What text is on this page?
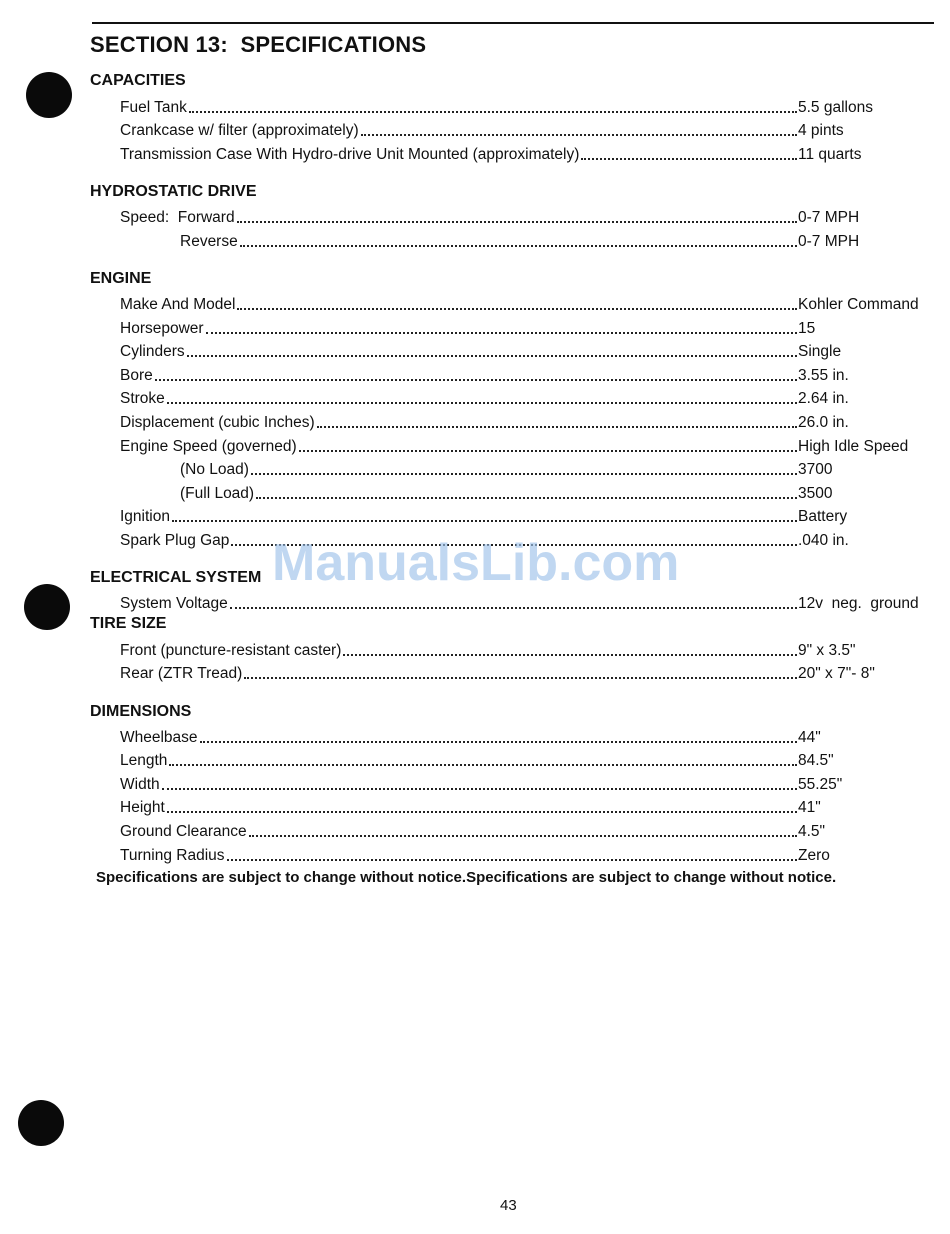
SECTION 13:  SPECIFICATIONS
CAPACITIES
Fuel Tank	5.5 gallons
Crankcase w/ filter (approximately)	4 pints
Transmission Case With Hydro-drive Unit Mounted (approximately)	11 quarts
HYDROSTATIC DRIVE
Speed:  Forward	0-7 MPH
Reverse	0-7 MPH
ENGINE
Make And Model	Kohler Command
Horsepower	15
Cylinders	Single
Bore	3.55 in.
Stroke	2.64 in.
Displacement (cubic Inches)	26.0 in.
Engine Speed (governed)	High Idle Speed
(No Load)	3700
(Full Load)	3500
Ignition	Battery
Spark Plug Gap	.040 in.
ELECTRICAL SYSTEM
System Voltage	12v  neg.  ground
TIRE SIZE
Front (puncture-resistant caster)	9" x 3.5"
Rear (ZTR Tread)	20" x 7"- 8"
DIMENSIONS
Wheelbase	44"
Length	84.5"
Width	55.25"
Height	41"
Ground Clearance	4.5"
Turning Radius	Zero

Specifications are subject to change without notice.Specifications are subject to change without notice.

ManualsLib.com
43
